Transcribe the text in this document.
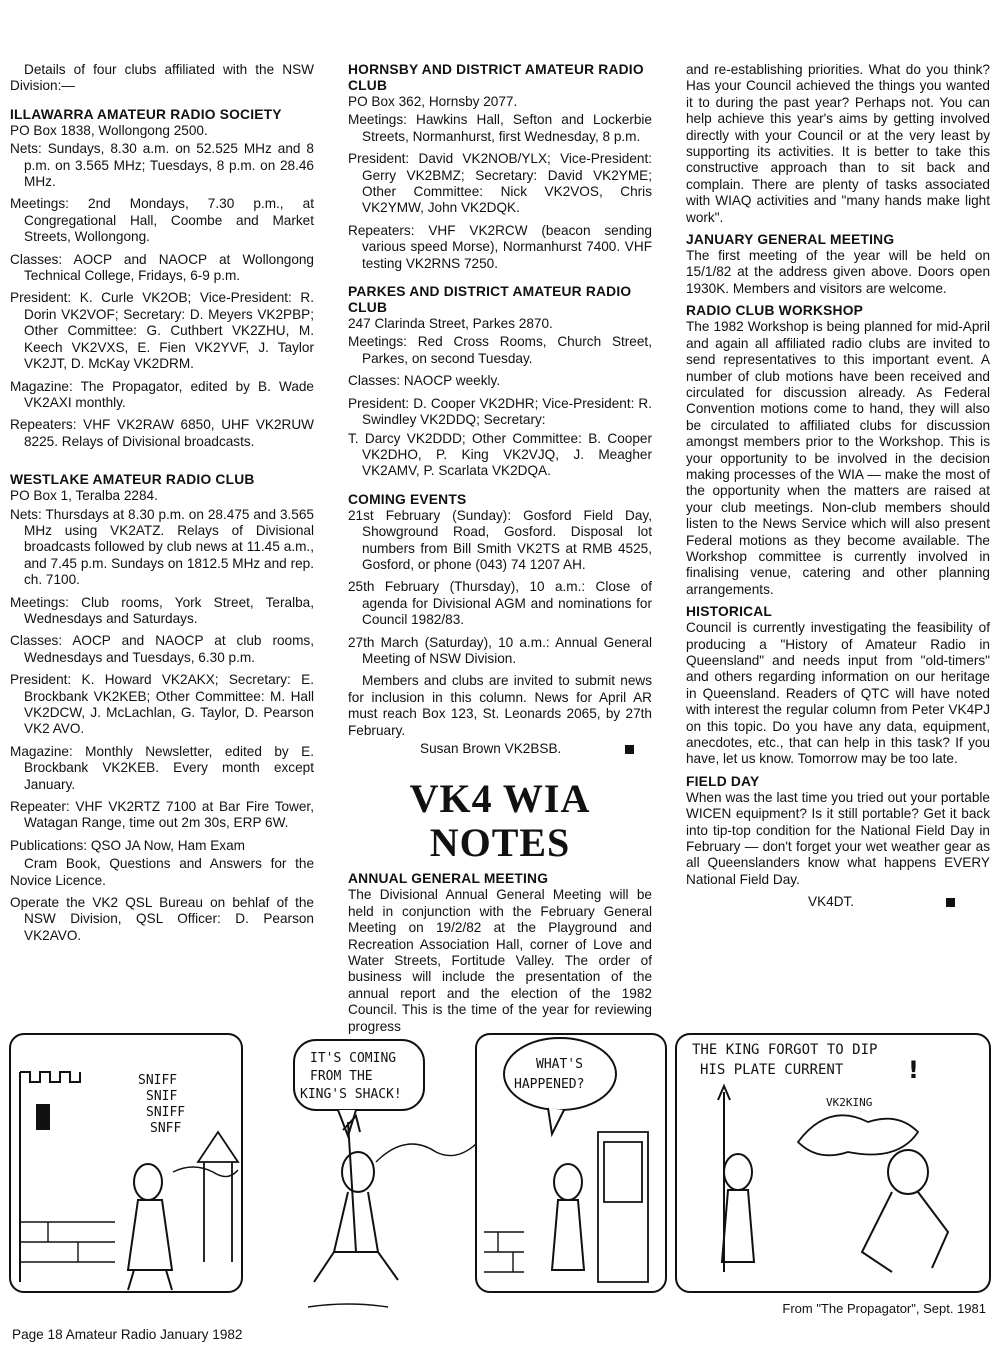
Details of four clubs affiliated with the NSW Division:—

ILLAWARRA AMATEUR RADIO SOCIETY

PO Box 1838, Wollongong 2500.

Nets: Sundays, 8.30 a.m. on 52.525 MHz and 8 p.m. on 3.565 MHz; Tuesdays, 8 p.m. on 28.46 MHz.

Meetings: 2nd Mondays, 7.30 p.m., at Congregational Hall, Coombe and Market Streets, Wollongong.

Classes: AOCP and NAOCP at Wollongong Technical College, Fridays, 6-9 p.m.

President: K. Curle VK2OB; Vice-President: R. Dorin VK2VOF; Secretary: D. Meyers VK2PBP; Other Committee: G. Cuthbert VK2ZHU, M. Keech VK2VXS, E. Fien VK2YVF, J. Taylor VK2JT, D. McKay VK2DRM.

Magazine: The Propagator, edited by B. Wade VK2AXI monthly.

Repeaters: VHF VK2RAW 6850, UHF VK2RUW 8225. Relays of Divisional broadcasts.

WESTLAKE AMATEUR RADIO CLUB

PO Box 1, Teralba 2284.

Nets: Thursdays at 8.30 p.m. on 28.475 and 3.565 MHz using VK2ATZ. Relays of Divisional broadcasts followed by club news at 11.45 a.m., and 7.45 p.m. Sundays on 1812.5 MHz and rep. ch. 7100.

Meetings: Club rooms, York Street, Teralba, Wednesdays and Saturdays.

Classes: AOCP and NAOCP at club rooms, Wednesdays and Tuesdays, 6.30 p.m.

President: K. Howard VK2AKX; Secretary: E. Brockbank VK2KEB; Other Committee: M. Hall VK2DCW, J. McLachlan, G. Taylor, D. Pearson VK2 AVO.

Magazine: Monthly Newsletter, edited by E. Brockbank VK2KEB. Every month except January.

Repeater: VHF VK2RTZ 7100 at Bar Fire Tower, Watagan Range, time out 2m 30s, ERP 6W.

Publications: QSO JA Now, Ham Exam

Cram Book, Questions and Answers for the Novice Licence.

Operate the VK2 QSL Bureau on behlaf of the NSW Division, QSL Officer: D. Pearson VK2AVO.

HORNSBY AND DISTRICT AMATEUR RADIO CLUB

PO Box 362, Hornsby 2077.

Meetings: Hawkins Hall, Sefton and Lockerbie Streets, Normanhurst, first Wednesday, 8 p.m.

President: David VK2NOB/YLX; Vice-President: Gerry VK2BMZ; Secretary: David VK2YME; Other Committee: Nick VK2VOS, Chris VK2YMW, John VK2DQK.

Repeaters: VHF VK2RCW (beacon sending various speed Morse), Normanhurst 7400. VHF testing VK2RNS 7250.

PARKES AND DISTRICT AMATEUR RADIO CLUB

247 Clarinda Street, Parkes 2870.

Meetings: Red Cross Rooms, Church Street, Parkes, on second Tuesday.

Classes: NAOCP weekly.

President: D. Cooper VK2DHR; Vice-President: R. Swindley VK2DDQ; Secretary:

T. Darcy VK2DDD; Other Committee: B. Cooper VK2DHO, P. King VK2VJQ, J. Meagher VK2AMV, P. Scarlata VK2DQA.

COMING EVENTS

21st February (Sunday): Gosford Field Day, Showground Road, Gosford. Disposal lot numbers from Bill Smith VK2TS at RMB 4525, Gosford, or phone (043) 74 1207 AH.

25th February (Thursday), 10 a.m.: Close of agenda for Divisional AGM and nominations for Council 1982/83.

27th March (Saturday), 10 a.m.: Annual General Meeting of NSW Division.

Members and clubs are invited to submit news for inclusion in this column. News for April AR must reach Box 123, St. Leonards 2065, by 27th February.

Susan Brown VK2BSB.

VK4 WIA NOTES
ANNUAL GENERAL MEETING

The Divisional Annual General Meeting will be held in conjunction with the February General Meeting on 19/2/82 at the Playground and Recreation Association Hall, corner of Love and Water Streets, Fortitude Valley. The order of business will include the presentation of the annual report and the election of the 1982 Council. This is the time of the year for reviewing progress

and re-establishing priorities. What do you think? Has your Council achieved the things you wanted it to during the past year? Perhaps not. You can help achieve this year's aims by getting involved directly with your Council or at the very least by supporting its activities. It is better to take this constructive approach than to sit back and complain. There are plenty of tasks associated with WIAQ activities and "many hands make light work".

JANUARY GENERAL MEETING

The first meeting of the year will be held on 15/1/82 at the address given above. Doors open 1930K. Members and visitors are welcome.

RADIO CLUB WORKSHOP

The 1982 Workshop is being planned for mid-April and again all affiliated radio clubs are invited to send representatives to this important event. A number of club motions have been received and circulated for discussion already. As Federal Convention motions come to hand, they will also be circulated to affiliated clubs for discussion amongst members prior to the Workshop. This is your opportunity to be involved in the decision making processes of the WIA — make the most of the opportunity when the matters are raised at your club meetings. Non-club members should listen to the News Service which will also present Federal motions as they become available. The Workshop committee is currently involved in finalising venue, catering and other planning arrangements.

HISTORICAL

Council is currently investigating the feasibility of producing a "History of Amateur Radio in Queensland" and needs input from "old-timers" and others regarding information on our heritage in Queensland. Readers of QTC will have noted with interest the regular column from Peter VK4PJ on this topic. Do you have any data, equipment, anecdotes, etc., that can help in this task? If you have, let us know. Tomorrow may be too late.

FIELD DAY

When was the last time you tried out your portable WICEN equipment? Is it still portable? Get it back into tip-top condition for the National Field Day in February — don't forget your wet weather gear as all Queenslanders know what happens EVERY National Field Day.

VK4DT.

SNIFF
SNIF
SNIFF
SNFF
IT'S COMING
FROM THE
KING'S SHACK!
WHAT'S
HAPPENED?
THE KING FORGOT TO DIP
HIS PLATE CURRENT	!
VK2KING
From "The Propagator", Sept. 1981
Page 18 Amateur Radio January 1982
